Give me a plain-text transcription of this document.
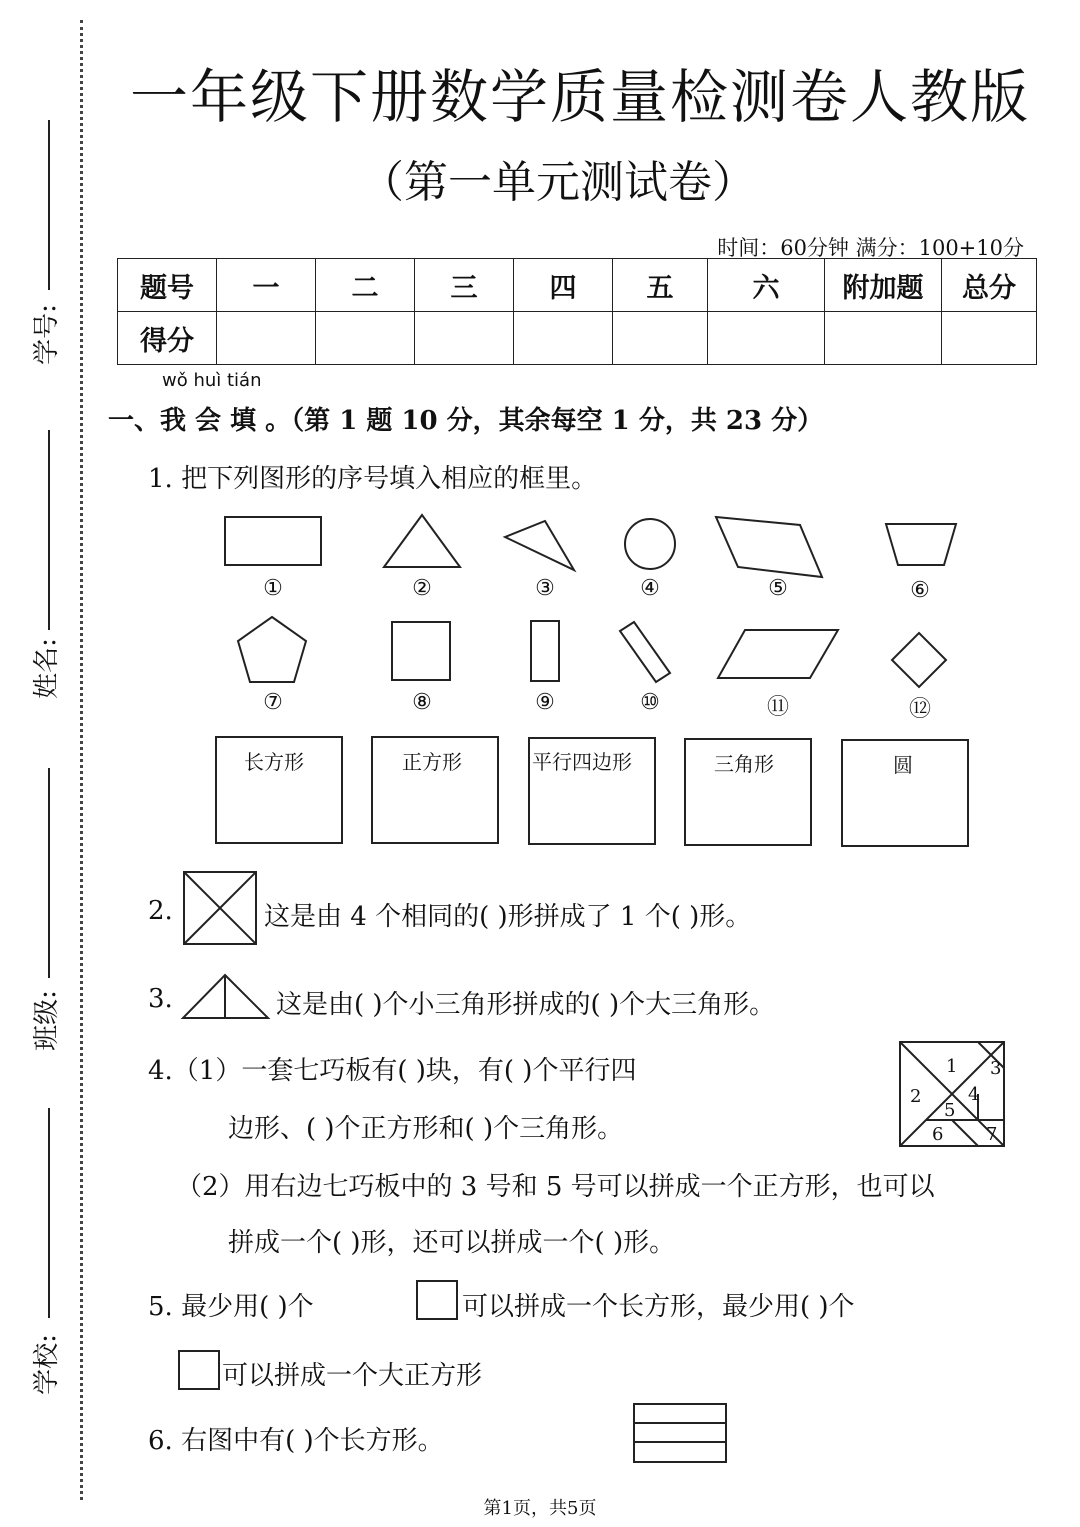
学号:
姓名:
班级:
学校:
一年级下册数学质量检测卷人教版
（第一单元测试卷）
时间：60分钟 满分：100+10分
题号	一	二	三	四	五	六	附加题	总分
得分								
wǒ huì tián
一、我 会 填 。（第 1 题 10 分，其余每空 1 分，共 23 分）
1. 把下列图形的序号填入相应的框里。
①	②	③	④	⑤	⑥
⑦	⑧	⑨	⑩	⑪	⑫
长方形	正方形	平行四边形	三角形	圆
2.	这是由 4 个相同的( )形拼成了 1 个( )形。
3.	这是由( )个小三角形拼成的( )个大三角形。
4.（1）一套七巧板有( )块，有( )个平行四
边形、( )个正方形和( )个三角形。
（2）用右边七巧板中的 3 号和 5 号可以拼成一个正方形，也可以
拼成一个( )形，还可以拼成一个( )形。
1
2
3
4
5
6 7
5. 最少用( )个	可以拼成一个长方形，最少用( )个
可以拼成一个大正方形
6. 右图中有( )个长方形。
第1页，共5页
